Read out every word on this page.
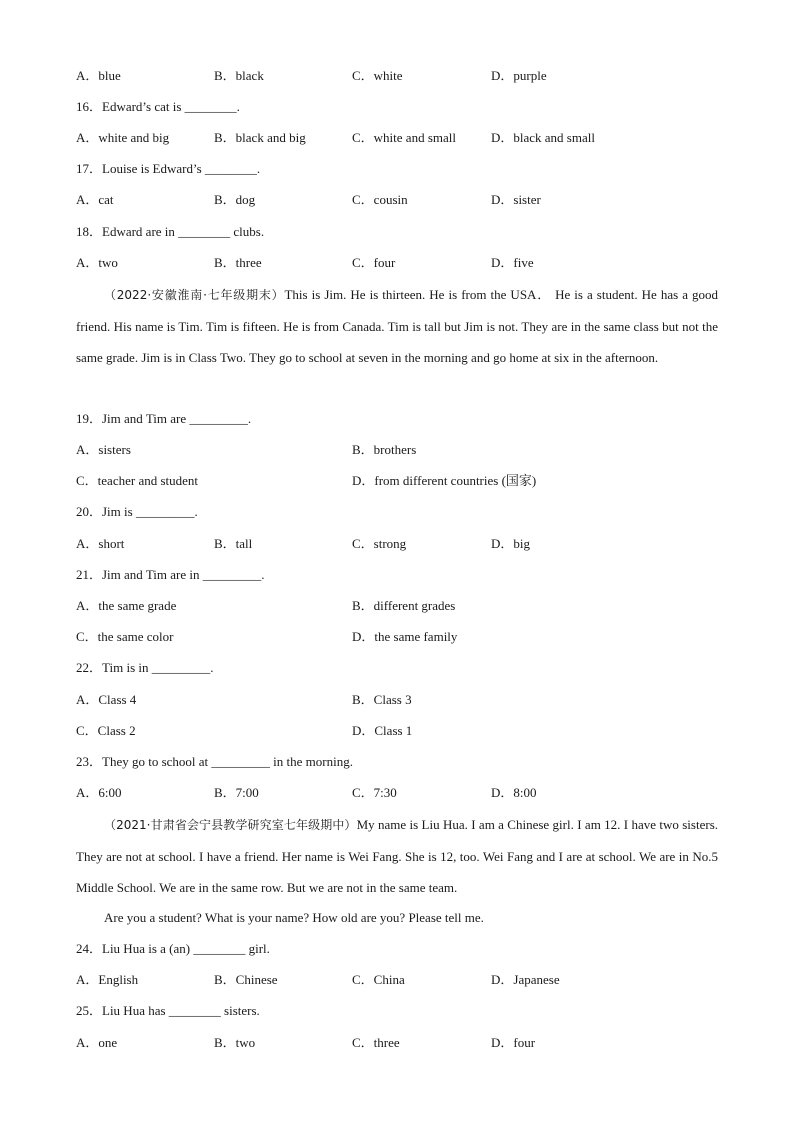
A．blue	B．black	C．white	D．purple
16．Edward’s cat is ________.
A．white and big	B．black and big	C．white and small	D．black and small
17．Louise is Edward’s ________.
A．cat	B．dog	C．cousin	D．sister
18．Edward are in ________ clubs.
A．two	B．three	C．four	D．five
（2022·安徽淮南·七年级期末）This is Jim. He is thirteen. He is from the USA． He is a student. He has a good friend. His name is Tim. Tim is fifteen. He is from Canada. Tim is tall but Jim is not. They are in the same class but not the same grade. Jim is in Class Two. They go to school at seven in the morning and go home at six in the afternoon.
19．Jim and Tim are _________.
A．sisters	B．brothers
C．teacher and student	D．from different countries (国家)
20．Jim is _________.
A．short	B．tall	C．strong	D．big
21．Jim and Tim are in _________.
A．the same grade	B．different grades
C．the same color	D．the same family
22．Tim is in _________.
A．Class 4	B．Class 3
C．Class 2	D．Class 1
23．They go to school at _________ in the morning.
A．6:00	B．7:00	C．7:30	D．8:00
（2021·甘肃省会宁县教学研究室七年级期中）My name is Liu Hua. I am a Chinese girl. I am 12. I have two sisters. They are not at school. I have a friend. Her name is Wei Fang. She is 12, too. Wei Fang and I are at school. We are in No.5 Middle School. We are in the same row. But we are not in the same team.
Are you a student? What is your name? How old are you? Please tell me.
24．Liu Hua is a (an) ________ girl.
A．English	B．Chinese	C．China	D．Japanese
25．Liu Hua has ________ sisters.
A．one	B．two	C．three	D．four
